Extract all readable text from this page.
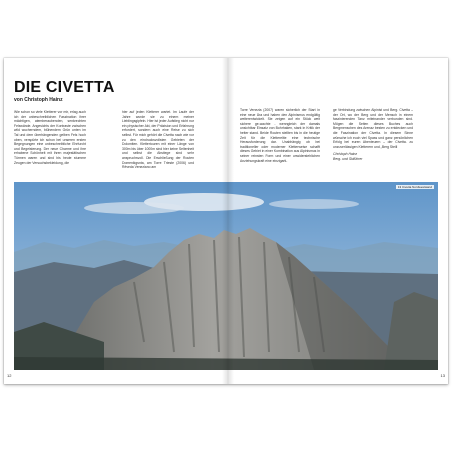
DIE CIVETTA
von Christoph Hainz

Wie schon so viele Kletterer vor mir, erlag auch ich der unbeschreiblichen Faszination ihrer mächtigen, atemberaubenden, senkrechten Felswände. Angesichts der Kontraste zwischen wild wucherndem, blühendem Grün unten im Tal und dem überhängenden gelben Fels hoch oben, verspürte ich schon bei unseren ersten Begegnungen eine unbeschreibliche Ehrfurcht und Begeisterung. Der neue Charme und ihre erhabene Schönheit mit ihren majestätischen Türmen waren und sind bis heute stumme Zeugen der Versuchsbekleidung, die

hier auf jeden Kletterer wartet. Im Laufe der Jahre wurde sie zu einem meiner Lieblingsgipfeln. Hier ist jeder Aufstieg nicht nur ein physischer Akt, der Präzision und Erfahrung erfordert, sondern auch eine Reise zu sich selbst. Für mich gehört die Civetta nach wie vor zu den eindrucksvollsten Gebieten der Dolomiten. Klettertouren mit einer Länge von 300m bis über 1000m sind hier keine Seltenheit und selbst die Abstiege sind sehr anspruchsvoll. Die Erschließung der Routen Domenikgsnta, am Torre Trieste (2006) und Rêveda Veneziano am

Torre Venezia (2007) waren sicherlich der Start in eine neue Ära und haben den Alpinismus endgültig weiterentwickelt. Sie zeigen auf ein Stück weit sichere ge-wachte - wenngleich der damals unsichtbar Einsatz von Bohrhaken, stark in Kritik der heiter stand. Beide Routen stellten bis in die heutige Zeit für die Kletterelite eine technische Herausforderung dar. Unabhängig ob bei traditioneller oder moderner Kletterweise schafft dieses Gebiet in einer Kombination aus Alpinismus in seiner reinsten Form und einer unwiderstehlichen Anziehungskraft eine einzigarti-

ge Verbindung zwischen Alpinist und Berg. Civetta – der Ort, wo der Berg und der Mensch in einem faszinierenden Tanz miteinander verbunden sind. Mögen die Seiten dieses Buches auch Bergmenschen des Arenaz besten zu entdecken und die Faszination der Civetta. In diesem Sinne wünsche ich euch viel Spass und ganz persönlichen Erfolg bei euren Abenteuern – der Civetta. zu unzuverlässigen Kletterern und „Berg Steill
Christoph Hainz
Berg- und Skiführer

13 Civetta Nordwestwand
12	13
